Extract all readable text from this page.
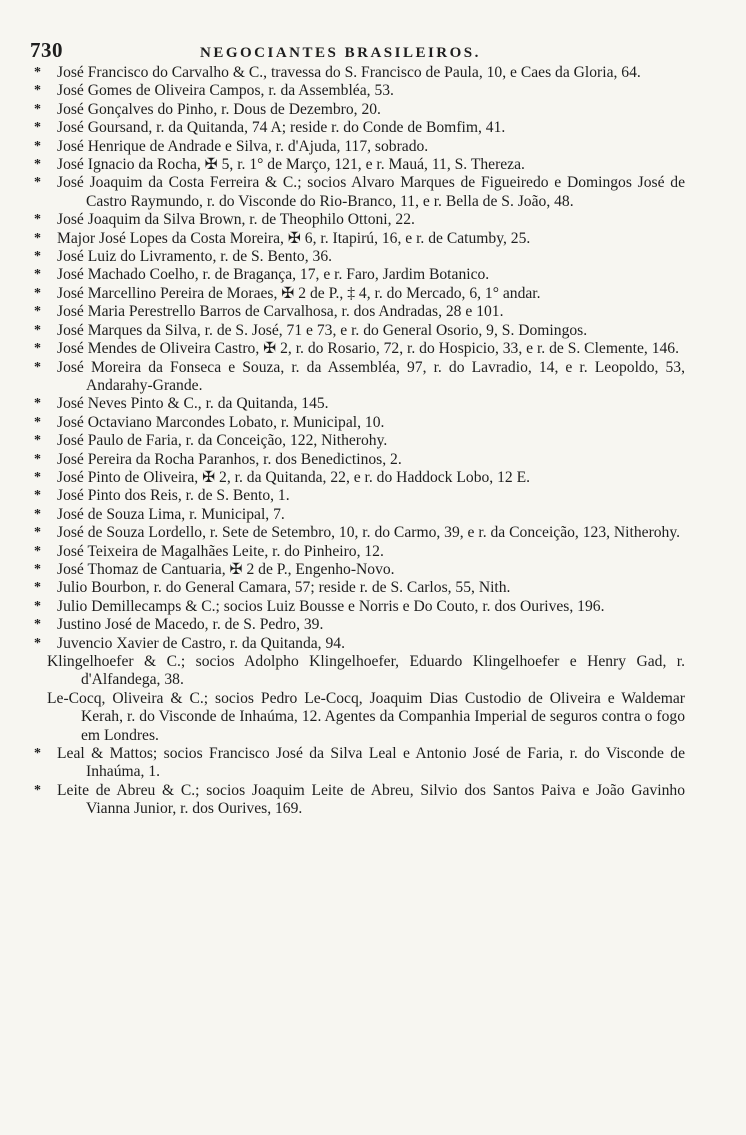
730	NEGOCIANTES BRASILEIROS.
* José Francisco do Carvalho & C., travessa do S. Francisco de Paula, 10, e Caes da Gloria, 64.
* José Gomes de Oliveira Campos, r. da Assembléa, 53.
* José Gonçalves do Pinho, r. Dous de Dezembro, 20.
* José Goursand, r. da Quitanda, 74 A; reside r. do Conde de Bomfim, 41.
* José Henrique de Andrade e Silva, r. d'Ajuda, 117, sobrado.
* José Ignacio da Rocha, ✠ 5, r. 1° de Março, 121, e r. Mauá, 11, S. Thereza.
* José Joaquim da Costa Ferreira & C.; socios Alvaro Marques de Figueiredo e Domingos José de Castro Raymundo, r. do Visconde do Rio-Branco, 11, e r. Bella de S. João, 48.
* José Joaquim da Silva Brown, r. de Theophilo Ottoni, 22.
* Major José Lopes da Costa Moreira, ✠ 6, r. Itapirú, 16, e r. de Catumby, 25.
* José Luiz do Livramento, r. de S. Bento, 36.
* José Machado Coelho, r. de Bragança, 17, e r. Faro, Jardim Botanico.
* José Marcellino Pereira de Moraes, ✠ 2 de P., ‡ 4, r. do Mercado, 6, 1° andar.
* José Maria Perestrello Barros de Carvalhosa, r. dos Andradas, 28 e 101.
* José Marques da Silva, r. de S. José, 71 e 73, e r. do General Osorio, 9, S. Domingos.
* José Mendes de Oliveira Castro, ✠ 2, r. do Rosario, 72, r. do Hospicio, 33, e r. de S. Clemente, 146.
* José Moreira da Fonseca e Souza, r. da Assembléa, 97, r. do Lavradio, 14, e r. Leopoldo, 53, Andarahy-Grande.
* José Neves Pinto & C., r. da Quitanda, 145.
* José Octaviano Marcondes Lobato, r. Municipal, 10.
* José Paulo de Faria, r. da Conceição, 122, Nitherohy.
* José Pereira da Rocha Paranhos, r. dos Benedictinos, 2.
* José Pinto de Oliveira, ✠ 2, r. da Quitanda, 22, e r. do Haddock Lobo, 12 E.
* José Pinto dos Reis, r. de S. Bento, 1.
* José de Souza Lima, r. Municipal, 7.
* José de Souza Lordello, r. Sete de Setembro, 10, r. do Carmo, 39, e r. da Conceição, 123, Nitherohy.
* José Teixeira de Magalhães Leite, r. do Pinheiro, 12.
* José Thomaz de Cantuaria, ✠ 2 de P., Engenho-Novo.
* Julio Bourbon, r. do General Camara, 57; reside r. de S. Carlos, 55, Nith.
* Julio Demillecamps & C.; socios Luiz Bousse e Norris e Do Couto, r. dos Ourives, 196.
* Justino José de Macedo, r. de S. Pedro, 39.
* Juvencio Xavier de Castro, r. da Quitanda, 94.
Klingelhoefer & C.; socios Adolpho Klingelhoefer, Eduardo Klingelhoefer e Henry Gad, r. d'Alfandega, 38.
Le-Cocq, Oliveira & C.; socios Pedro Le-Cocq, Joaquim Dias Custodio de Oliveira e Waldemar Kerah, r. do Visconde de Inhaúma, 12. Agentes da Companhia Imperial de seguros contra o fogo em Londres.
* Leal & Mattos; socios Francisco José da Silva Leal e Antonio José de Faria, r. do Visconde de Inhaúma, 1.
* Leite de Abreu & C.; socios Joaquim Leite de Abreu, Silvio dos Santos Paiva e João Gavinho Vianna Junior, r. dos Ourives, 169.
